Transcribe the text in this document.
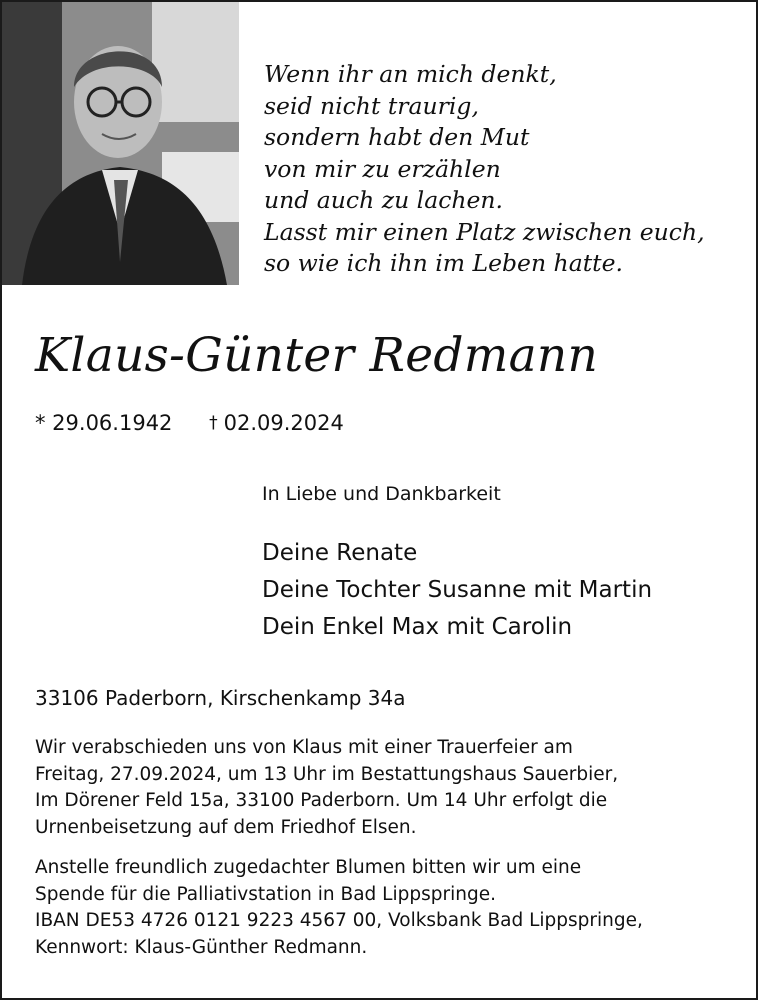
Wenn ihr an mich denkt,
seid nicht traurig,
sondern habt den Mut
von mir zu erzählen
und auch zu lachen.
Lasst mir einen Platz zwischen euch,
so wie ich ihn im Leben hatte.
Klaus-Günter Redmann
* 29.06.1942 † 02.09.2024
In Liebe und Dankbarkeit
Deine Renate
Deine Tochter Susanne mit Martin
Dein Enkel Max mit Carolin
33106 Paderborn, Kirschenkamp 34a

Wir verabschieden uns von Klaus mit einer Trauerfeier am
Freitag, 27.09.2024, um 13 Uhr im Bestattungshaus Sauerbier,
Im Dörener Feld 15a, 33100 Paderborn. Um 14 Uhr erfolgt die
Urnenbeisetzung auf dem Friedhof Elsen.

Anstelle freundlich zugedachter Blumen bitten wir um eine
Spende für die Palliativstation in Bad Lippspringe.
IBAN DE53 4726 0121 9223 4567 00, Volksbank Bad Lippspringe,
Kennwort: Klaus-Günther Redmann.
